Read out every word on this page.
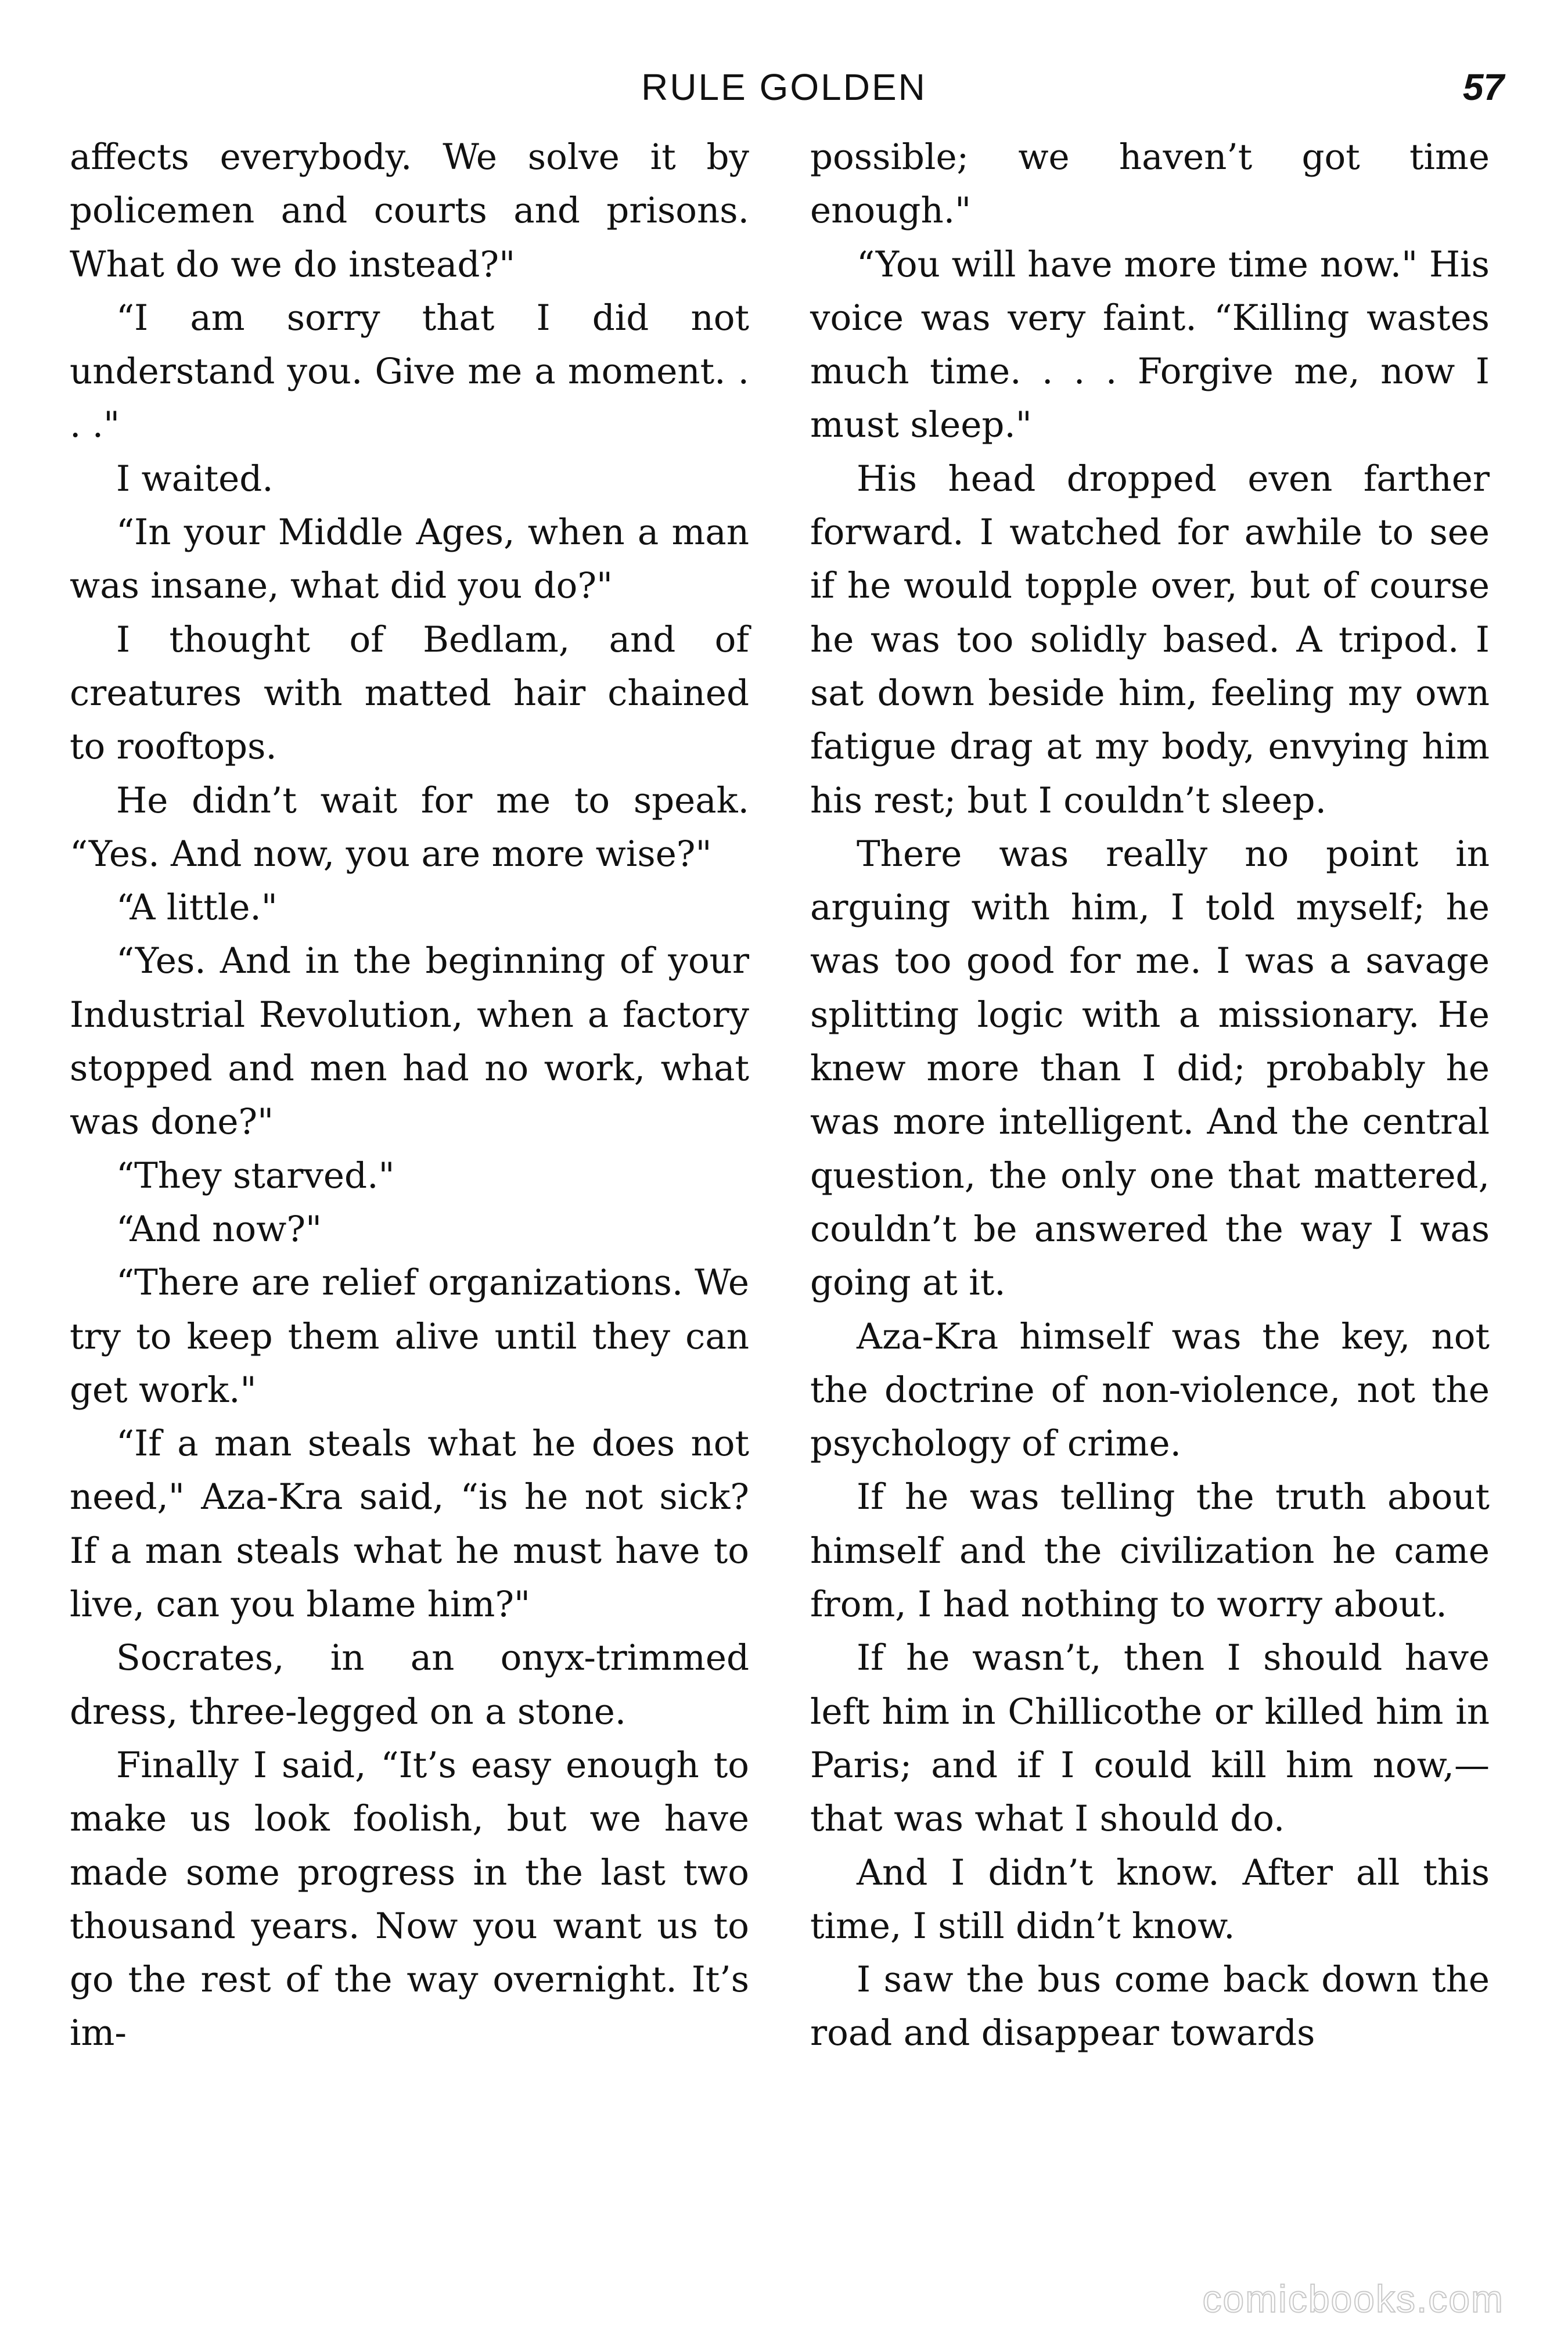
RULE GOLDEN	57

affects everybody. We solve it by policemen and courts and prisons. What do we do instead?"

“I am sorry that I did not understand you. Give me a moment. . . ."

I waited.

“In your Middle Ages, when a man was insane, what did you do?"

I thought of Bedlam, and of creatures with matted hair chained to rooftops.

He didn’t wait for me to speak. “Yes. And now, you are more wise?"

“A little."

“Yes. And in the beginning of your Industrial Revolution, when a factory stopped and men had no work, what was done?"

“They starved."

“And now?"

“There are relief organizations. We try to keep them alive until they can get work."

“If a man steals what he does not need," Aza-Kra said, “is he not sick? If a man steals what he must have to live, can you blame him?"

Socrates, in an onyx-trimmed dress, three-legged on a stone.

Finally I said, “It’s easy enough to make us look foolish, but we have made some progress in the last two thousand years. Now you want us to go the rest of the way overnight. It’s im-

possible; we haven’t got time enough."

“You will have more time now." His voice was very faint. “Killing wastes much time. . . . Forgive me, now I must sleep."

His head dropped even farther forward. I watched for awhile to see if he would topple over, but of course he was too solidly based. A tripod. I sat down beside him, feeling my own fatigue drag at my body, envying him his rest; but I couldn’t sleep.

There was really no point in arguing with him, I told myself; he was too good for me. I was a savage splitting logic with a missionary. He knew more than I did; probably he was more intelligent. And the central question, the only one that mattered, couldn’t be answered the way I was going at it.

Aza-Kra himself was the key, not the doctrine of non-violence, not the psychology of crime.

If he was telling the truth about himself and the civilization he came from, I had nothing to worry about.

If he wasn’t, then I should have left him in Chillicothe or killed him in Paris; and if I could kill him now,—that was what I should do.

And I didn’t know. After all this time, I still didn’t know.

I saw the bus come back down the road and disappear towards

comicbooks.com
